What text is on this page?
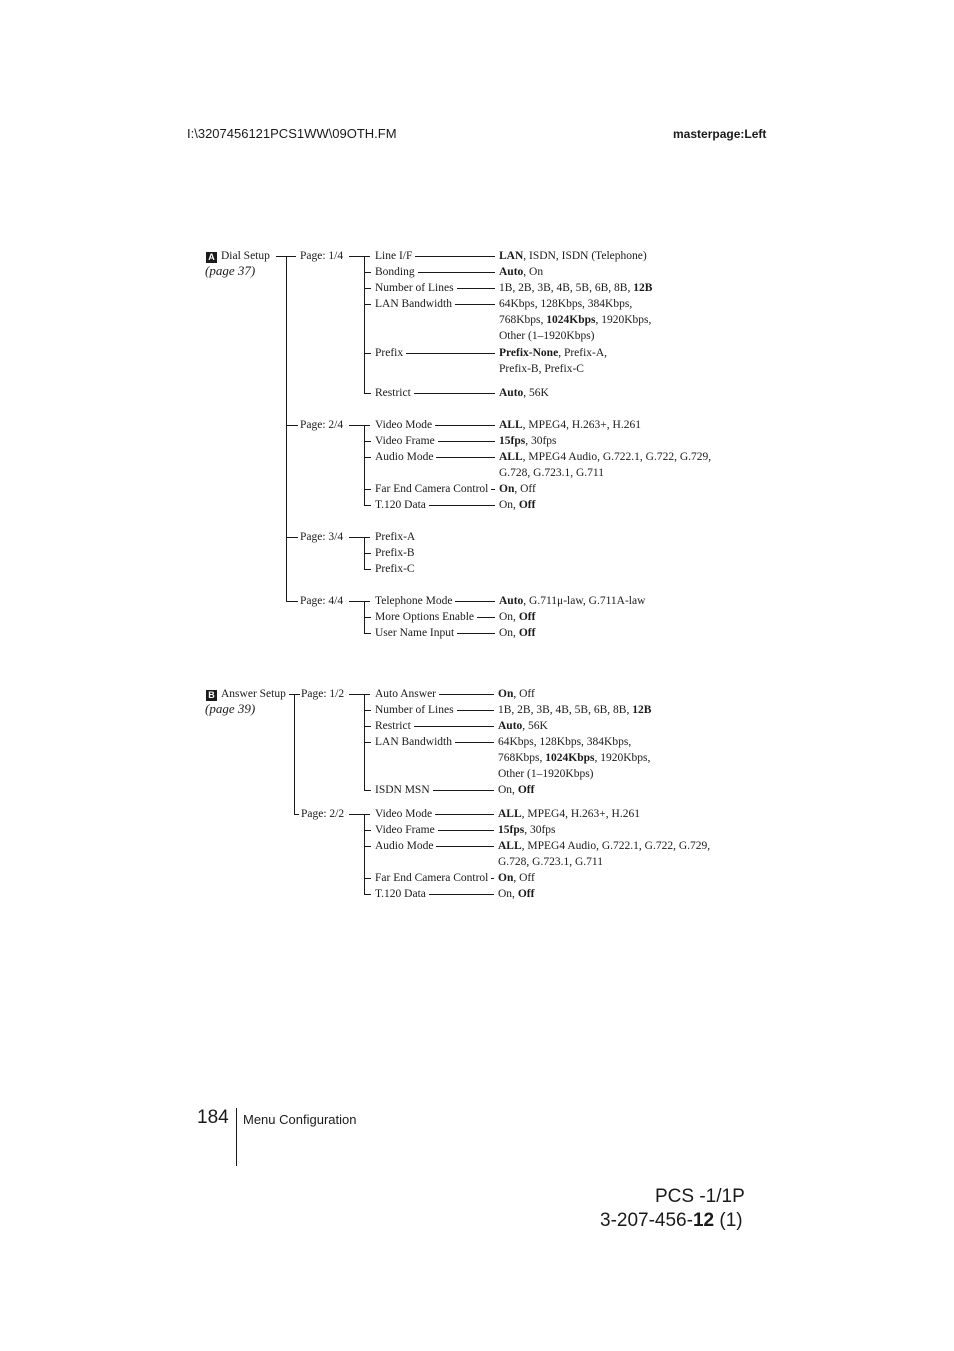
I:\3207456121PCS1WW\09OTH.FM	masterpage:Left
A Dial Setup
(page 37)
Page: 1/4	Line I/F	LAN, ISDN, ISDN (Telephone)
Bonding	Auto, On
Number of Lines	1B, 2B, 3B, 4B, 5B, 6B, 8B, 12B
LAN Bandwidth	64Kbps, 128Kbps, 384Kbps,
768Kbps, 1024Kbps, 1920Kbps,
Other (1–1920Kbps)
Prefix	Prefix-None, Prefix-A,
Prefix-B, Prefix-C
Restrict	Auto, 56K
Page: 2/4	Video Mode	ALL, MPEG4, H.263+, H.261
Video Frame	15fps, 30fps
Audio Mode	ALL, MPEG4 Audio, G.722.1, G.722, G.729,
G.728, G.723.1, G.711
Far End Camera Control On, Off
T.120 Data	On, Off
Page: 3/4	Prefix-A
Prefix-B
Prefix-C
Page: 4/4	Telephone Mode	Auto, G.711μ-law, G.711A-law
More Options Enable On, Off
User Name Input	On, Off
B Answer Setup
(page 39)
Page: 1/2	Auto Answer	On, Off
Number of Lines	1B, 2B, 3B, 4B, 5B, 6B, 8B, 12B
Restrict	Auto, 56K
LAN Bandwidth	64Kbps, 128Kbps, 384Kbps,
768Kbps, 1024Kbps, 1920Kbps,
Other (1–1920Kbps)
ISDN MSN	On, Off
Page: 2/2	Video Mode	ALL, MPEG4, H.263+, H.261
Video Frame	15fps, 30fps
Audio Mode	ALL, MPEG4 Audio, G.722.1, G.722, G.729,
G.728, G.723.1, G.711
Far End Camera Control On, Off
T.120 Data	On, Off
184 Menu Configuration
PCS -1/1P
3-207-456-12 (1)
